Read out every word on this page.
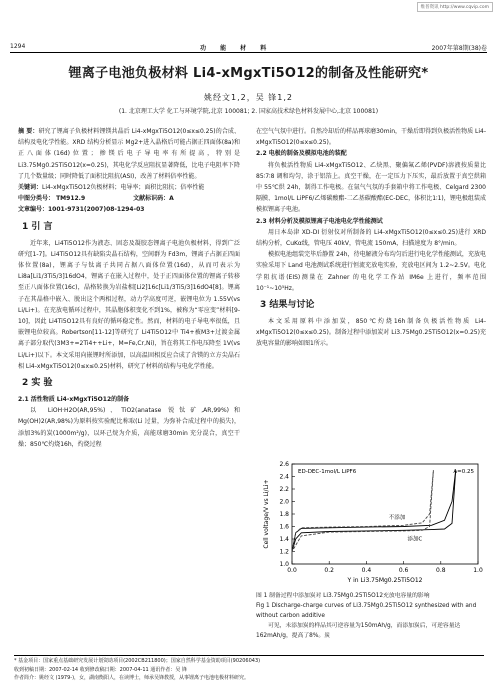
维普资讯 http://www.cqvip.com
1294	功 能 材 料	2007年第8期(38)卷
锂离子电池负极材料 Li4-xMgxTi5O12的制备及性能研究*
姚经文1,2，吴 锋1,2
(1. 北京理工大学 化工与环境学院,北京 100081; 2. 国家高技术绿色材料发展中心,北京 100081)

摘 要：研究了锂离子负极材料锂镁共晶后 Li4-xMgxTi5O12(0≤x≤0.25)的合成、结构及电化学性能。XRD 结构分析显示 Mg2+进入晶格后可能占据正四面体(8a)和正八面体(16d)位置；掺镁后电子导电率有所提高，特别是 Li3.75Mg0.25Ti5O12(x=0.25)，其电化学反应阻抗显著降低，比电子电阻率下降了几个数量级；同时降低了面积比阻抗(ASI)，改善了材料倍率性能。

关键词：Li4-xMgxTi5O12负极材料；电导率；面积比阻抗；倍率性能

中图分类号： TM912.9	文献标识码：A

文章编号：1001-9731(2007)08-1294-03

1 引 言

近年来，Li4Ti5O12作为液态、固态及凝胶态锂离子电池负极材料，得到广泛研究[1-7]。Li4Ti5O12具有缺陷尖晶石结构，空间群为 Fd3m，锂离子占据正四面体位置(8a)，锂离子与钛离子共同占据八面体位置(16d)，从而可表示为 Li8a[Li1/3Ti5/3]16dO4，锂离子在嵌入过程中，处于正四面体位置的锂离子转移至正八面体位置(16c)，晶格转换为岩盐相[Li2]16c[Li1/3Ti5/3]16dO4[8]。锂离子在其晶格中嵌入、脱出这个两相过程，动力学高度可逆，嵌锂电位为 1.55V(vs Li/Li+)。在充放电循环过程中，其晶胞体积变化不到1%，被称为“零应变”材料[9-10]，因此 Li4Ti5O12具有良好的循环稳定性。然而，材料的电子导电率很低，且嵌锂电位较高。Robertson[11-12]等研究了 Li4Ti5O12中 Ti4+被M3+过渡金属离子部分取代(3M3+=2Ti4++Li+，M=Fe,Cr,Ni)，旨在将其工作电压降至 1V(vs Li/Li+)以下。本文采用向嵌锂时所添加，以高温固相反应合成了含镁的立方尖晶石相 Li4-xMgxTi5O12(0≤x≤0.25)材料，研究了材料的结构与电化学性能。

2 实 验

2.1 活性物质 Li4-xMgxTi5O12的制备

以 LiOH·H2O(AR,95%)、TiO2(anatase 锐钛矿,AR,99%)和 Mg(OH)2(AR,98%)为原料按实验配比称取(Li 过量，为弥补合成过程中的损失)，添加3%的炭(1000m²/g)，以环己烷为介质，高能球磨30min 充分混合，真空干燥；850℃灼烧16h，灼烧过程

在空气气氛中进行。自然冷却后的样品再球磨30min，干燥后即得到负极活性物质 Li4-xMgxTi5O12(0≤x≤0.25)。

2.2 电极的制备及模拟电池的装配

将负极活性物质 Li4-xMgxTi5O12、乙炔黑、聚偏氟乙烯(PVDF)溶液按质量比 85∶7∶8 调和均匀，涂于铝箔上。真空干燥，在一定压力下压实，最后放置于真空烘箱中 55℃烘 24h，制得工作电极。在氩气气氛的手套箱中将工作电极、Celgard 2300 隔膜、1mol/L LiPF6/乙烯碳酸酯-二乙基碳酸酯(EC-DEC，体积比1∶1)，锂电极组装成模拟锂离子电池。

2.3 材料分析及模拟锂离子电池电化学性能测试

用日本岛津 XD-DI 衍射仪对所制备的 Li4-xMgxTi5O12(0≤x≤0.25)进行 XRD 结构分析，CuKα线，管电压 40kV，管电流 150mA，扫描速度为 8°/min。

模拟电池组装完毕后静置 24h，待电解液分布均匀后进行电化学性能测试，充放电实验采用下 Land 电池测试系统进行恒流充放电实验，充放电区间为 1.2~2.5V。电化学阻抗谱(EIS)测量在 Zahner 的电化学工作站 IM6e 上进行，频率范围 10⁻¹~10⁵Hz。

3 结果与讨论

本文采用原料中添加炭，850℃灼烧16h制备负极活性物质 Li4-xMgxTi5O12(0≤x≤0.25)。制备过程中添加炭对 Li3.75Mg0.25Ti5O12(x=0.25)充放电容量的影响如图1所示。

0.0	0.2	0.4	0.6	0.8	1.0
1.0
1.2
1.4
1.6
1.8
2.0
2.2
2.4
2.6
Y in Li3.75Mg0.25Ti5O12
Cell voltage/V vs Li/Li+
ED-DEC-1mol/L LiPF6	A=0.25
不添加
添加C

图 1 制备过程中添加炭对 Li3.75Mg0.25Ti5O12充放电容量的影响

Fig 1 Discharge-charge curves of Li3.75Mg0.25Ti5O12 synthesized with and without carbon additive

可见，未添加炭的样品其可逆容量为150mAh/g，而添加炭后，可逆容量达162mAh/g，提高了8%。炭

* 基金项目：国家重点基础研究发展计划资助项目(2002CB211800)；国家自然科学基金资助项目(90206043)

收到初稿日期：2007-02-14 收到修改稿日期：2007-04-11 通讯作者：吴 锋

作者简介：姚经文 (1979-)，女，湖南衡阳人，在读博士，师承吴锋教授，从事锂离子电池电极材料研究。
